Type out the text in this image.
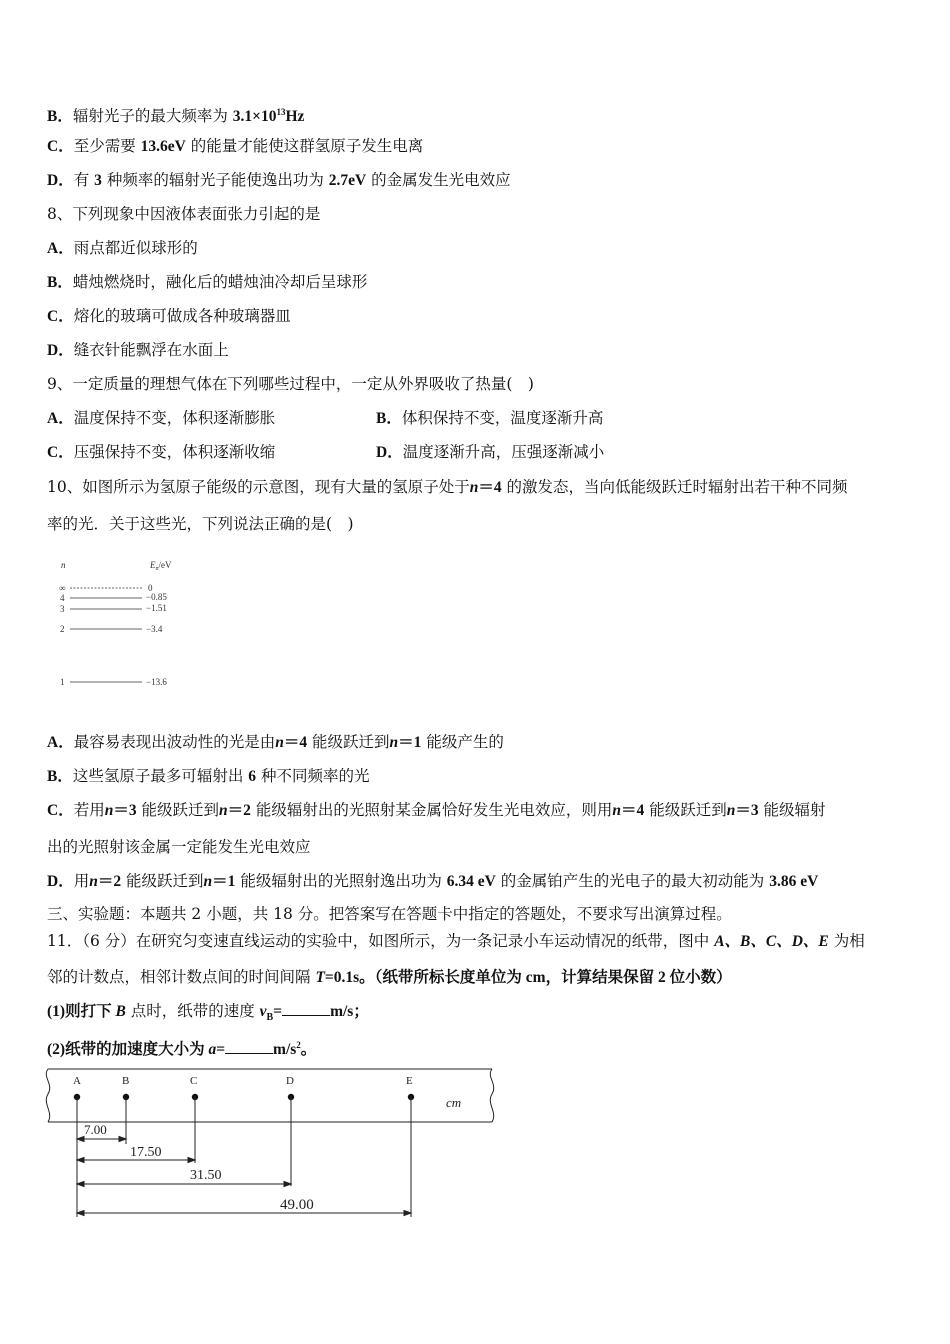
B．辐射光子的最大频率为 $3.1\times 10^{13}Hz$
C．至少需要 13.6eV 的能量才能使这群氢原子发生电离
D．有 3 种频率的辐射光子能使逸出功为 2.7eV 的金属发生光电效应
8、下列现象中因液体表面张力引起的是
A．雨点都近似球形的
B．蜡烛燃烧时，融化后的蜡烛油冷却后呈球形
C．熔化的玻璃可做成各种玻璃器皿
D．缝衣针能飘浮在水面上
9、一定质量的理想气体在下列哪些过程中，一定从外界吸收了热量(　)
A．温度保持不变，体积逐渐膨胀	B．体积保持不变，温度逐渐升高
C．压强保持不变，体积逐渐收缩	D．温度逐渐升高，压强逐渐减小
10、如图所示为氢原子能级的示意图，现有大量的氢原子处于n＝4 的激发态，当向低能级跃迁时辐射出若干种不同频
率的光．关于这些光，下列说法正确的是(　)
n	$E_n/eV$
∞	0
4	−0.85
3	−1.51
2	−3.4
1	−13.6
A．最容易表现出波动性的光是由n＝4 能级跃迁到n＝1 能级产生的
B．这些氢原子最多可辐射出 6 种不同频率的光
C．若用n＝3 能级跃迁到n＝2 能级辐射出的光照射某金属恰好发生光电效应，则用n＝4 能级跃迁到n＝3 能级辐射
出的光照射该金属一定能发生光电效应
D．用n＝2 能级跃迁到n＝1 能级辐射出的光照射逸出功为 6.34 eV 的金属铂产生的光电子的最大初动能为 3.86 eV
三、实验题：本题共 2 小题，共 18 分。把答案写在答题卡中指定的答题处，不要求写出演算过程。
11．（6 分）在研究匀变速直线运动的实验中，如图所示，为一条记录小车运动情况的纸带，图中 A、B、C、D、E 为相
邻的计数点，相邻计数点间的时间间隔 T=0.1s。（纸带所标长度单位为 cm，计算结果保留 2 位小数）
(1)则打下 B 点时，纸带的速度 $v_B=$	m/s；
(2)纸带的加速度大小为 a=	$m/s^2$。
A	B	C	D	E
cm
7.00
17.50
31.50
49.00
